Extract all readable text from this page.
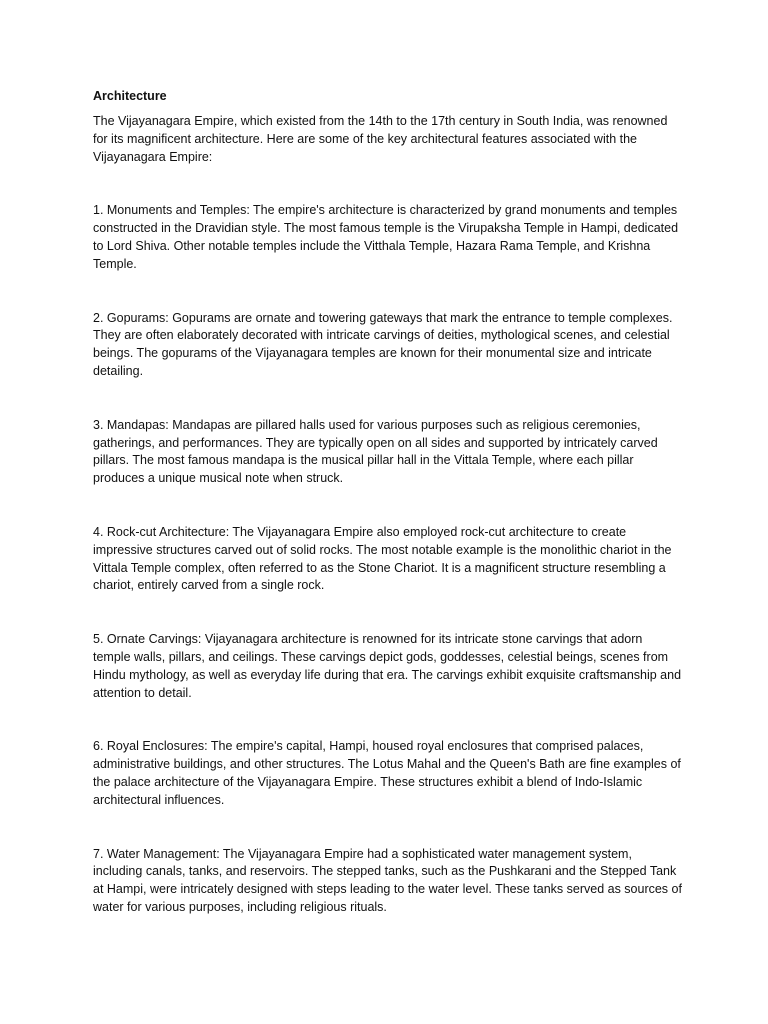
Architecture

The Vijayanagara Empire, which existed from the 14th to the 17th century in South India, was renowned for its magnificent architecture. Here are some of the key architectural features associated with the Vijayanagara Empire:

1. Monuments and Temples: The empire's architecture is characterized by grand monuments and temples constructed in the Dravidian style. The most famous temple is the Virupaksha Temple in Hampi, dedicated to Lord Shiva. Other notable temples include the Vitthala Temple, Hazara Rama Temple, and Krishna Temple.

2. Gopurams: Gopurams are ornate and towering gateways that mark the entrance to temple complexes. They are often elaborately decorated with intricate carvings of deities, mythological scenes, and celestial beings. The gopurams of the Vijayanagara temples are known for their monumental size and intricate detailing.

3. Mandapas: Mandapas are pillared halls used for various purposes such as religious ceremonies, gatherings, and performances. They are typically open on all sides and supported by intricately carved pillars. The most famous mandapa is the musical pillar hall in the Vittala Temple, where each pillar produces a unique musical note when struck.

4. Rock-cut Architecture: The Vijayanagara Empire also employed rock-cut architecture to create impressive structures carved out of solid rocks. The most notable example is the monolithic chariot in the Vittala Temple complex, often referred to as the Stone Chariot. It is a magnificent structure resembling a chariot, entirely carved from a single rock.

5. Ornate Carvings: Vijayanagara architecture is renowned for its intricate stone carvings that adorn temple walls, pillars, and ceilings. These carvings depict gods, goddesses, celestial beings, scenes from Hindu mythology, as well as everyday life during that era. The carvings exhibit exquisite craftsmanship and attention to detail.

6. Royal Enclosures: The empire's capital, Hampi, housed royal enclosures that comprised palaces, administrative buildings, and other structures. The Lotus Mahal and the Queen's Bath are fine examples of the palace architecture of the Vijayanagara Empire. These structures exhibit a blend of Indo-Islamic architectural influences.

7. Water Management: The Vijayanagara Empire had a sophisticated water management system, including canals, tanks, and reservoirs. The stepped tanks, such as the Pushkarani and the Stepped Tank at Hampi, were intricately designed with steps leading to the water level. These tanks served as sources of water for various purposes, including religious rituals.
